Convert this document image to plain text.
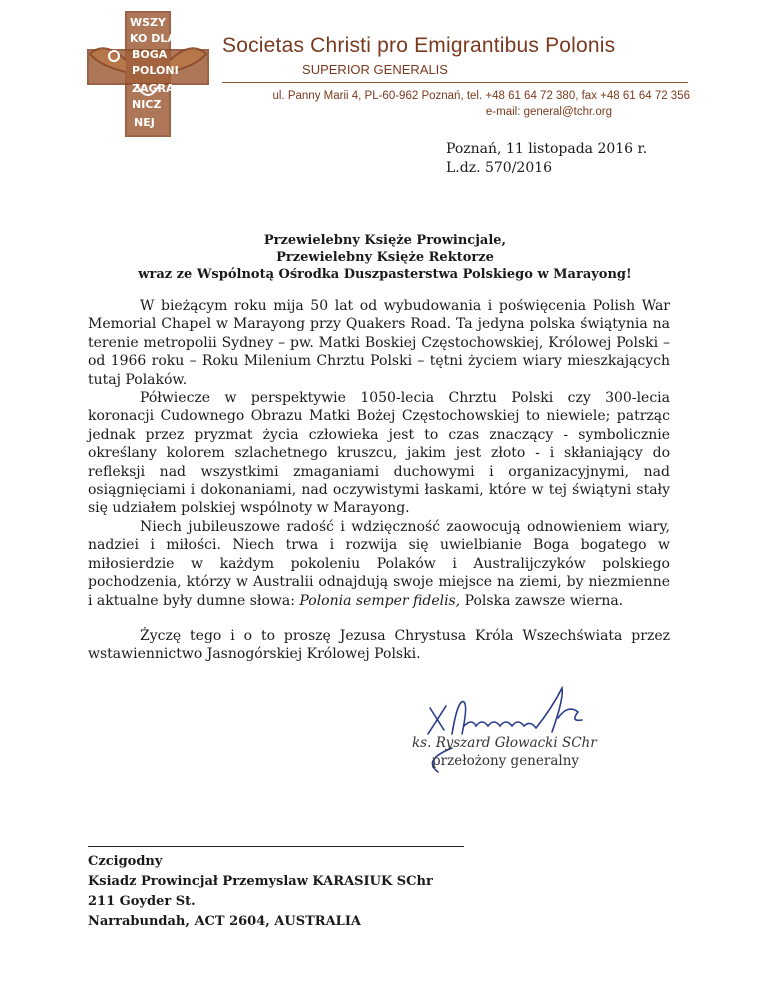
WSZY
KO DLA
BOGA
POLONI
ZAGRA
NICZ
NEJ
Societas Christi pro Emigrantibus Polonis
SUPERIOR GENERALIS
ul. Panny Marii 4, PL-60-962 Poznań, tel. +48 61 64 72 380, fax +48 61 64 72 356
e-mail: general@tchr.org
Poznań, 11 listopada 2016 r.
L.dz. 570/2016
Przewielebny Księże Prowincjale,
Przewielebny Księże Rektorze
wraz ze Wspólnotą Ośrodka Duszpasterstwa Polskiego w Marayong!

W bieżącym roku mija 50 lat od wybudowania i poświęcenia Polish War Memorial Chapel w Marayong przy Quakers Road. Ta jedyna polska świątynia na terenie metropolii Sydney – pw. Matki Boskiej Częstochowskiej, Królowej Polski – od 1966 roku – Roku Milenium Chrztu Polski – tętni życiem wiary mieszkających tutaj Polaków.

Półwiecze w perspektywie 1050-lecia Chrztu Polski czy 300-lecia koronacji Cudownego Obrazu Matki Bożej Częstochowskiej to niewiele; patrząc jednak przez pryzmat życia człowieka jest to czas znaczący - symbolicznie określany kolorem szlachetnego kruszcu, jakim jest złoto - i skłaniający do refleksji nad wszystkimi zmaganiami duchowymi i organizacyjnymi, nad osiągnięciami i dokonaniami, nad oczywistymi łaskami, które w tej świątyni stały się udziałem polskiej wspólnoty w Marayong.

Niech jubileuszowe radość i wdzięczność zaowocują odnowieniem wiary, nadziei i miłości. Niech trwa i rozwija się uwielbianie Boga bogatego w miłosierdzie w każdym pokoleniu Polaków i Australijczyków polskiego pochodzenia, którzy w Australii odnajdują swoje miejsce na ziemi, by niezmienne i aktualne były dumne słowa: Polonia semper fidelis, Polska zawsze wierna.

Życzę tego i o to proszę Jezusa Chrystusa Króla Wszechświata przez wstawiennictwo Jasnogórskiej Królowej Polski.

ks. Ryszard Głowacki SChr
przełożony generalny
Czcigodny
Ksiadz Prowincjał Przemyslaw KARASIUK SChr
211 Goyder St.
Narrabundah, ACT 2604, AUSTRALIA
